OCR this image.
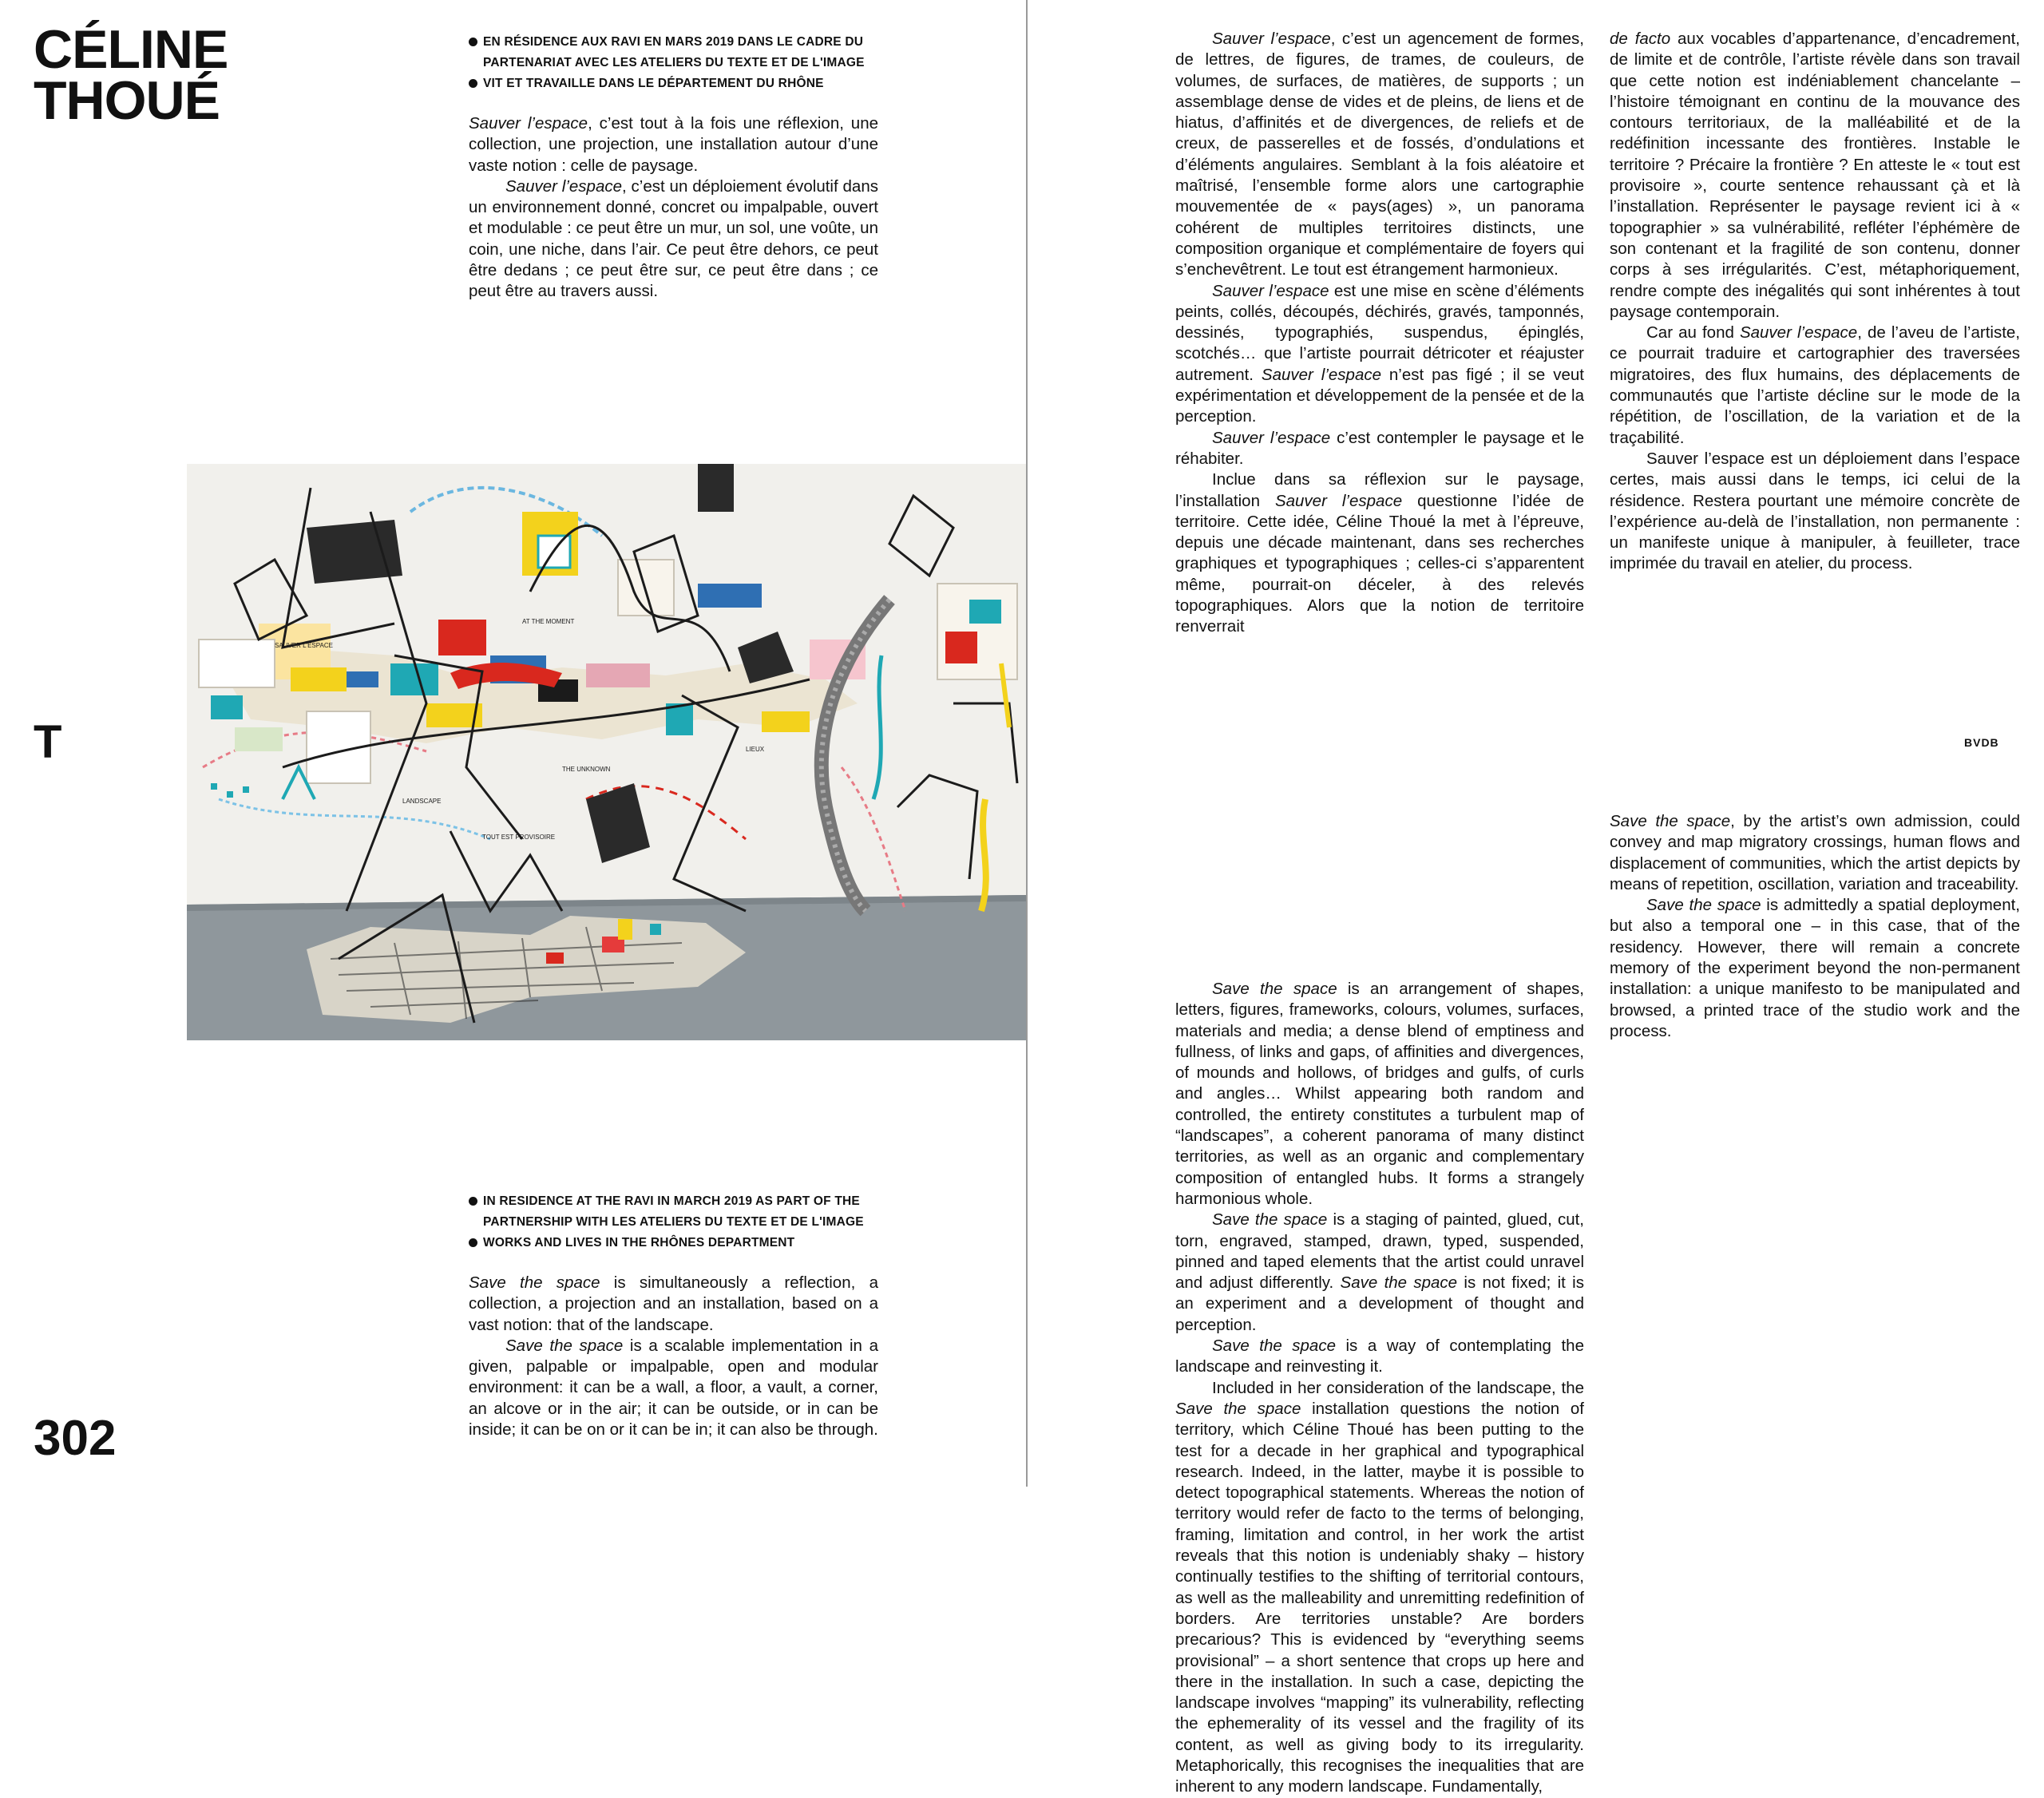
CÉLINE
THOUÉ
EN RÉSIDENCE AUX RAVI EN MARS 2019 DANS LE CADRE DU PARTENARIAT AVEC LES ATELIERS DU TEXTE ET DE L'IMAGE
VIT ET TRAVAILLE DANS LE DÉPARTEMENT DU RHÔNE

Sauver l’espace, c’est tout à la fois une réflexion, une collection, une projection, une installation autour d’une vaste notion : celle de paysage.

Sauver l’espace, c’est un déploiement évolutif dans un environnement donné, concret ou impalpable, ouvert et modulable : ce peut être un mur, un sol, une voûte, un coin, une niche, dans l’air. Ce peut être dehors, ce peut être dedans ; ce peut être sur, ce peut être dans ; ce peut être au travers aussi.

T
SAUVER L'ESPACE
AT THE MOMENT
THE UNKNOWN
TOUT EST PROVISOIRE
LANDSCAPE
LIEUX
IN RESIDENCE AT THE RAVI IN MARCH 2019 AS PART OF THE PARTNERSHIP WITH LES ATELIERS DU TEXTE ET DE L'IMAGE
WORKS AND LIVES IN THE RHÔNES DEPARTMENT

Save the space is simultaneously a reflection, a collection, a projection and an installation, based on a vast notion: that of the landscape.

Save the space is a scalable implementation in a given, palpable or impalpable, open and modular environment: it can be a wall, a floor, a vault, a corner, an alcove or in the air; it can be outside, or in can be inside; it can be on or it can be in; it can also be through.

302

Sauver l’espace, c’est un agencement de formes, de lettres, de figures, de trames, de couleurs, de volumes, de surfaces, de matières, de supports ; un assemblage dense de vides et de pleins, de liens et de hiatus, d’affinités et de divergences, de reliefs et de creux, de passerelles et de fossés, d’ondulations et d’éléments angulaires. Semblant à la fois aléatoire et maîtrisé, l’ensemble forme alors une cartographie mouvementée de « pays(ages) », un panorama cohérent de multiples territoires distincts, une composition organique et complémentaire de foyers qui s’enchevêtrent. Le tout est étrangement harmonieux.

Sauver l’espace est une mise en scène d’éléments peints, collés, découpés, déchirés, gravés, tamponnés, dessinés, typographiés, suspendus, épinglés, scotchés… que l’artiste pourrait détricoter et réajuster autrement. Sauver l’espace n’est pas figé ; il se veut expérimentation et développement de la pensée et de la perception.

Sauver l’espace c’est contempler le paysage et le réhabiter.

Inclue dans sa réflexion sur le paysage, l’installation Sauver l’espace questionne l’idée de territoire. Cette idée, Céline Thoué la met à l’épreuve, depuis une décade maintenant, dans ses recherches graphiques et typographiques ; celles-ci s’apparentent même, pourrait-on déceler, à des relevés topographiques. Alors que la notion de territoire renverrait

de facto aux vocables d’appartenance, d’encadrement, de limite et de contrôle, l’artiste révèle dans son travail que cette notion est indéniablement chancelante – l’histoire témoignant en continu de la mouvance des contours territoriaux, de la malléabilité et de la redéfinition incessante des frontières. Instable le territoire ? Précaire la frontière ? En atteste le « tout est provisoire », courte sentence rehaussant çà et là l’installation. Représenter le paysage revient ici à « topographier » sa vulnérabilité, refléter l’éphémère de son contenant et la fragilité de son contenu, donner corps à ses irrégularités. C’est, métaphoriquement, rendre compte des inégalités qui sont inhérentes à tout paysage contemporain.

Car au fond Sauver l’espace, de l’aveu de l’artiste, ce pourrait traduire et cartographier des traversées migratoires, des flux humains, des déplacements de communautés que l’artiste décline sur le mode de la répétition, de l’oscillation, de la variation et de la traçabilité.

Sauver l’espace est un déploiement dans l’espace certes, mais aussi dans le temps, ici celui de la résidence. Restera pourtant une mémoire concrète de l’expérience au-delà de l’installation, non permanente : un manifeste unique à manipuler, à feuilleter, trace imprimée du travail en atelier, du process.

BVDB

Save the space is an arrangement of shapes, letters, figures, frameworks, colours, volumes, surfaces, materials and media; a dense blend of emptiness and fullness, of links and gaps, of affinities and divergences, of mounds and hollows, of bridges and gulfs, of curls and angles… Whilst appearing both random and controlled, the entirety constitutes a turbulent map of “landscapes”, a coherent panorama of many distinct territories, as well as an organic and complementary composition of entangled hubs. It forms a strangely harmonious whole.

Save the space is a staging of painted, glued, cut, torn, engraved, stamped, drawn, typed, suspended, pinned and taped elements that the artist could unravel and adjust differently. Save the space is not fixed; it is an experiment and a development of thought and perception.

Save the space is a way of contemplating the landscape and reinvesting it.

Included in her consideration of the landscape, the Save the space installation questions the notion of territory, which Céline Thoué has been putting to the test for a decade in her graphical and typographical research. Indeed, in the latter, maybe it is possible to detect topographical statements. Whereas the notion of territory would refer de facto to the terms of belonging, framing, limitation and control, in her work the artist reveals that this notion is undeniably shaky – history continually testifies to the shifting of territorial contours, as well as the malleability and unremitting redefinition of borders. Are territories unstable? Are borders precarious? This is evidenced by “everything seems provisional” – a short sentence that crops up here and there in the installation. In such a case, depicting the landscape involves “mapping” its vulnerability, reflecting the ephemerality of its vessel and the fragility of its content, as well as giving body to its irregularity. Metaphorically, this recognises the inequalities that are inherent to any modern landscape. Fundamentally,

Save the space, by the artist’s own admission, could convey and map migratory crossings, human flows and displacement of communities, which the artist depicts by means of repetition, oscillation, variation and traceability.

Save the space is admittedly a spatial deployment, but also a temporal one – in this case, that of the residency. However, there will remain a concrete memory of the experiment beyond the non-permanent installation: a unique manifesto to be manipulated and browsed, a printed trace of the studio work and the process.
